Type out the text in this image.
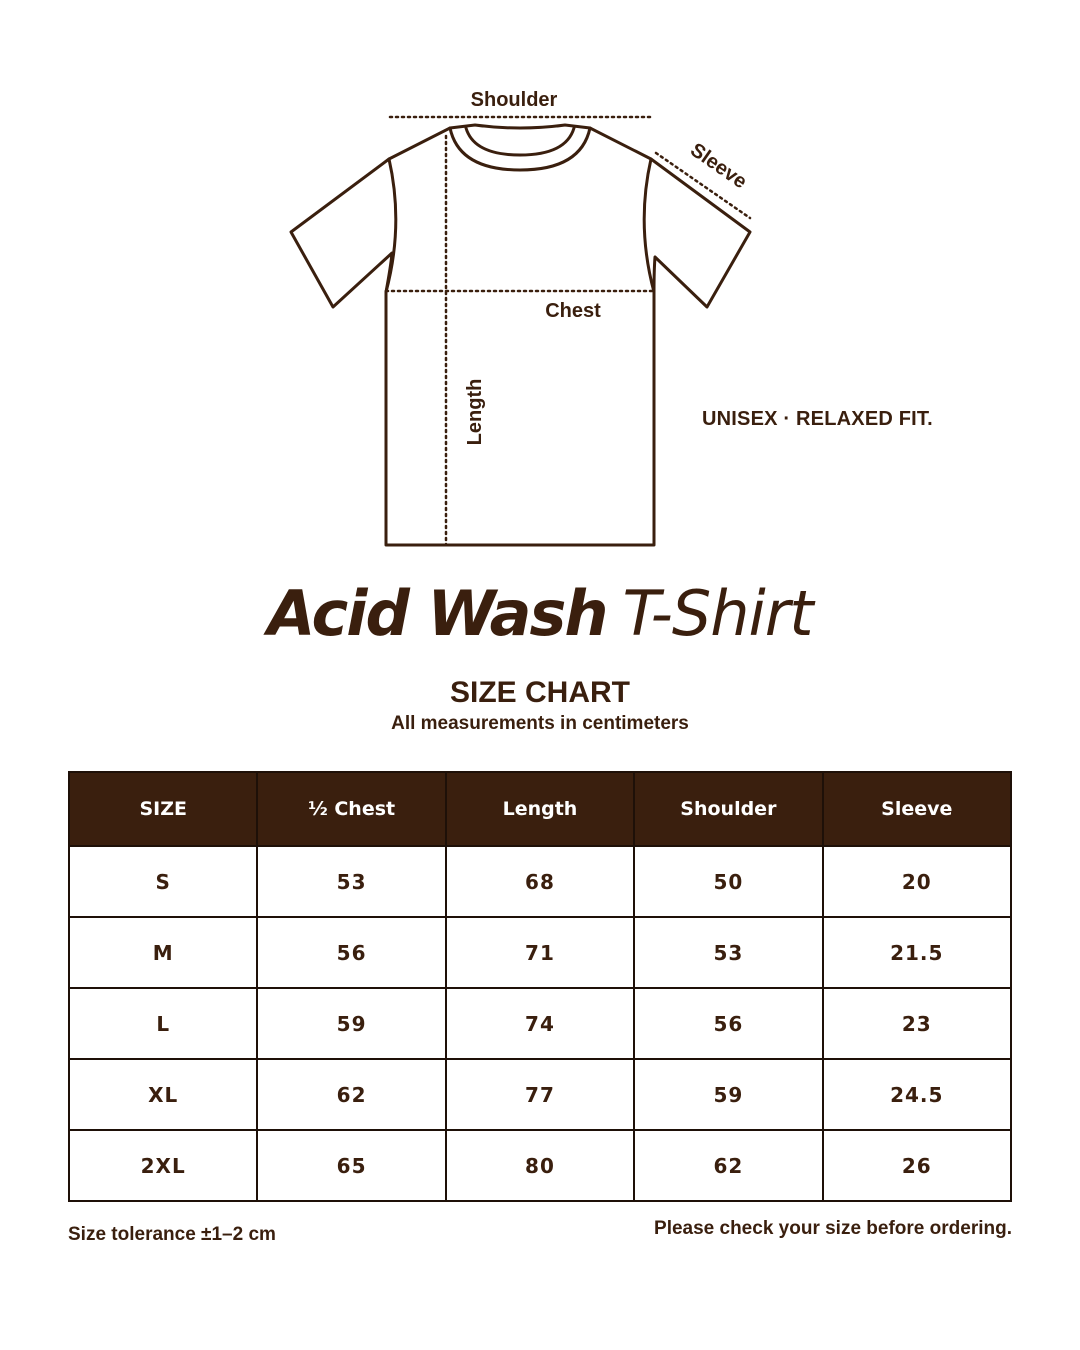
Shoulder
Sleeve
Chest
Length	UNISEX · RELAXED FIT.
Acid Wash T-Shirt
SIZE CHART
All measurements in centimeters
SIZE	½ Chest	Length	Shoulder	Sleeve
S	53	68	50	20
M	56	71	53	21.5
L	59	74	56	23
XL	62	77	59	24.5
2XL	65	80	62	26
Size tolerance ±1–2 cm	Please check your size before ordering.
